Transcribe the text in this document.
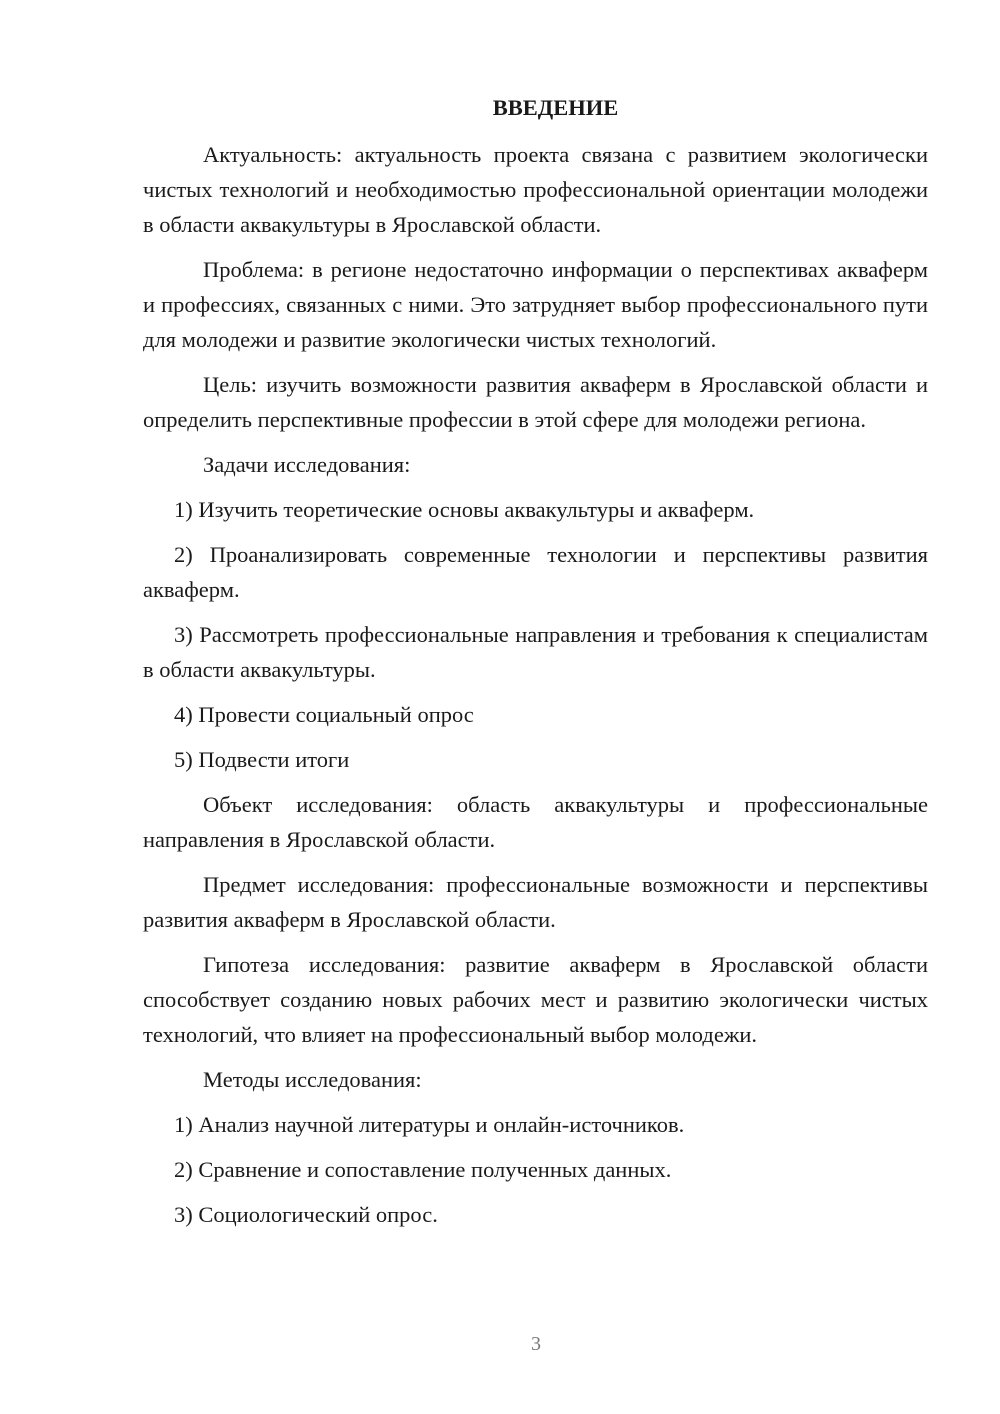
ВВЕДЕНИЕ

Актуальность: актуальность проекта связана с развитием экологически чистых технологий и необходимостью профессиональной ориентации молодежи в области аквакультуры в Ярославской области.

Проблема: в регионе недостаточно информации о перспективах акваферм и профессиях, связанных с ними. Это затрудняет выбор профессионального пути для молодежи и развитие экологически чистых технологий.

Цель: изучить возможности развития акваферм в Ярославской области и определить перспективные профессии в этой сфере для молодежи региона.

Задачи исследования:

1) Изучить теоретические основы аквакультуры и акваферм.

2) Проанализировать современные технологии и перспективы развития акваферм.

3) Рассмотреть профессиональные направления и требования к специалистам в области аквакультуры.

4) Провести социальный опрос

5) Подвести итоги

Объект исследования: область аквакультуры и профессиональные направления в Ярославской области.

Предмет исследования: профессиональные возможности и перспективы развития акваферм в Ярославской области.

Гипотеза исследования: развитие акваферм в Ярославской области способствует созданию новых рабочих мест и развитию экологически чистых технологий, что влияет на профессиональный выбор молодежи.

Методы исследования:

1) Анализ научной литературы и онлайн-источников.

2) Сравнение и сопоставление полученных данных.

3) Социологический опрос.

3
